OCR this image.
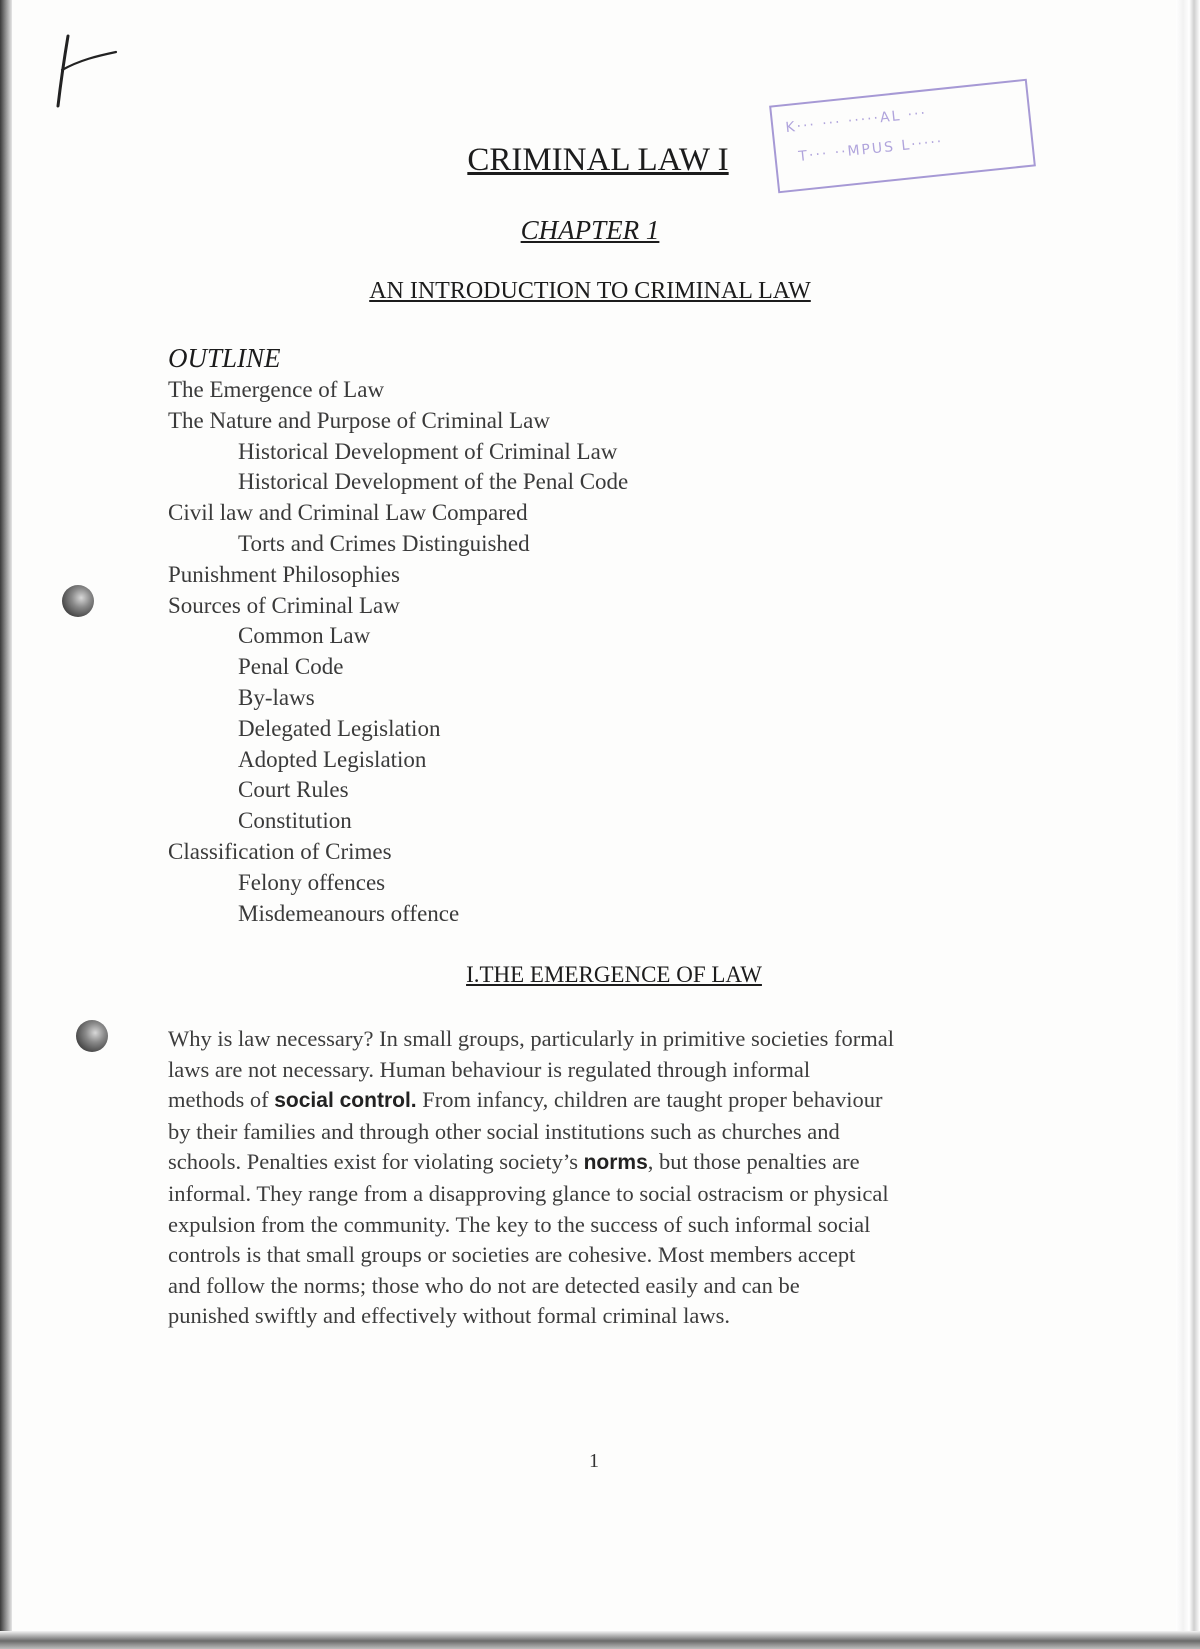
K··· ··· ·····AL ···
T··· ··MPUS L·····
CRIMINAL LAW I
CHAPTER 1
AN INTRODUCTION TO CRIMINAL LAW
OUTLINE
The Emergence of Law
The Nature and Purpose of Criminal Law
Historical Development of Criminal Law
Historical Development of the Penal Code
Civil law and Criminal Law Compared
Torts and Crimes Distinguished
Punishment Philosophies
Sources of Criminal Law
Common Law
Penal Code
By-laws
Delegated Legislation
Adopted Legislation
Court Rules
Constitution
Classification of Crimes
Felony offences
Misdemeanours offence
I.THE EMERGENCE OF LAW
Why is law necessary? In small groups, particularly in primitive societies formal
laws are not necessary. Human behaviour is regulated through informal
methods of social control. From infancy, children are taught proper behaviour
by their families and through other social institutions such as churches and
schools. Penalties exist for violating society’s norms, but those penalties are
informal. They range from a disapproving glance to social ostracism or physical
expulsion from the community. The key to the success of such informal social
controls is that small groups or societies are cohesive. Most members accept
and follow the norms; those who do not are detected easily and can be
punished swiftly and effectively without formal criminal laws.
1
